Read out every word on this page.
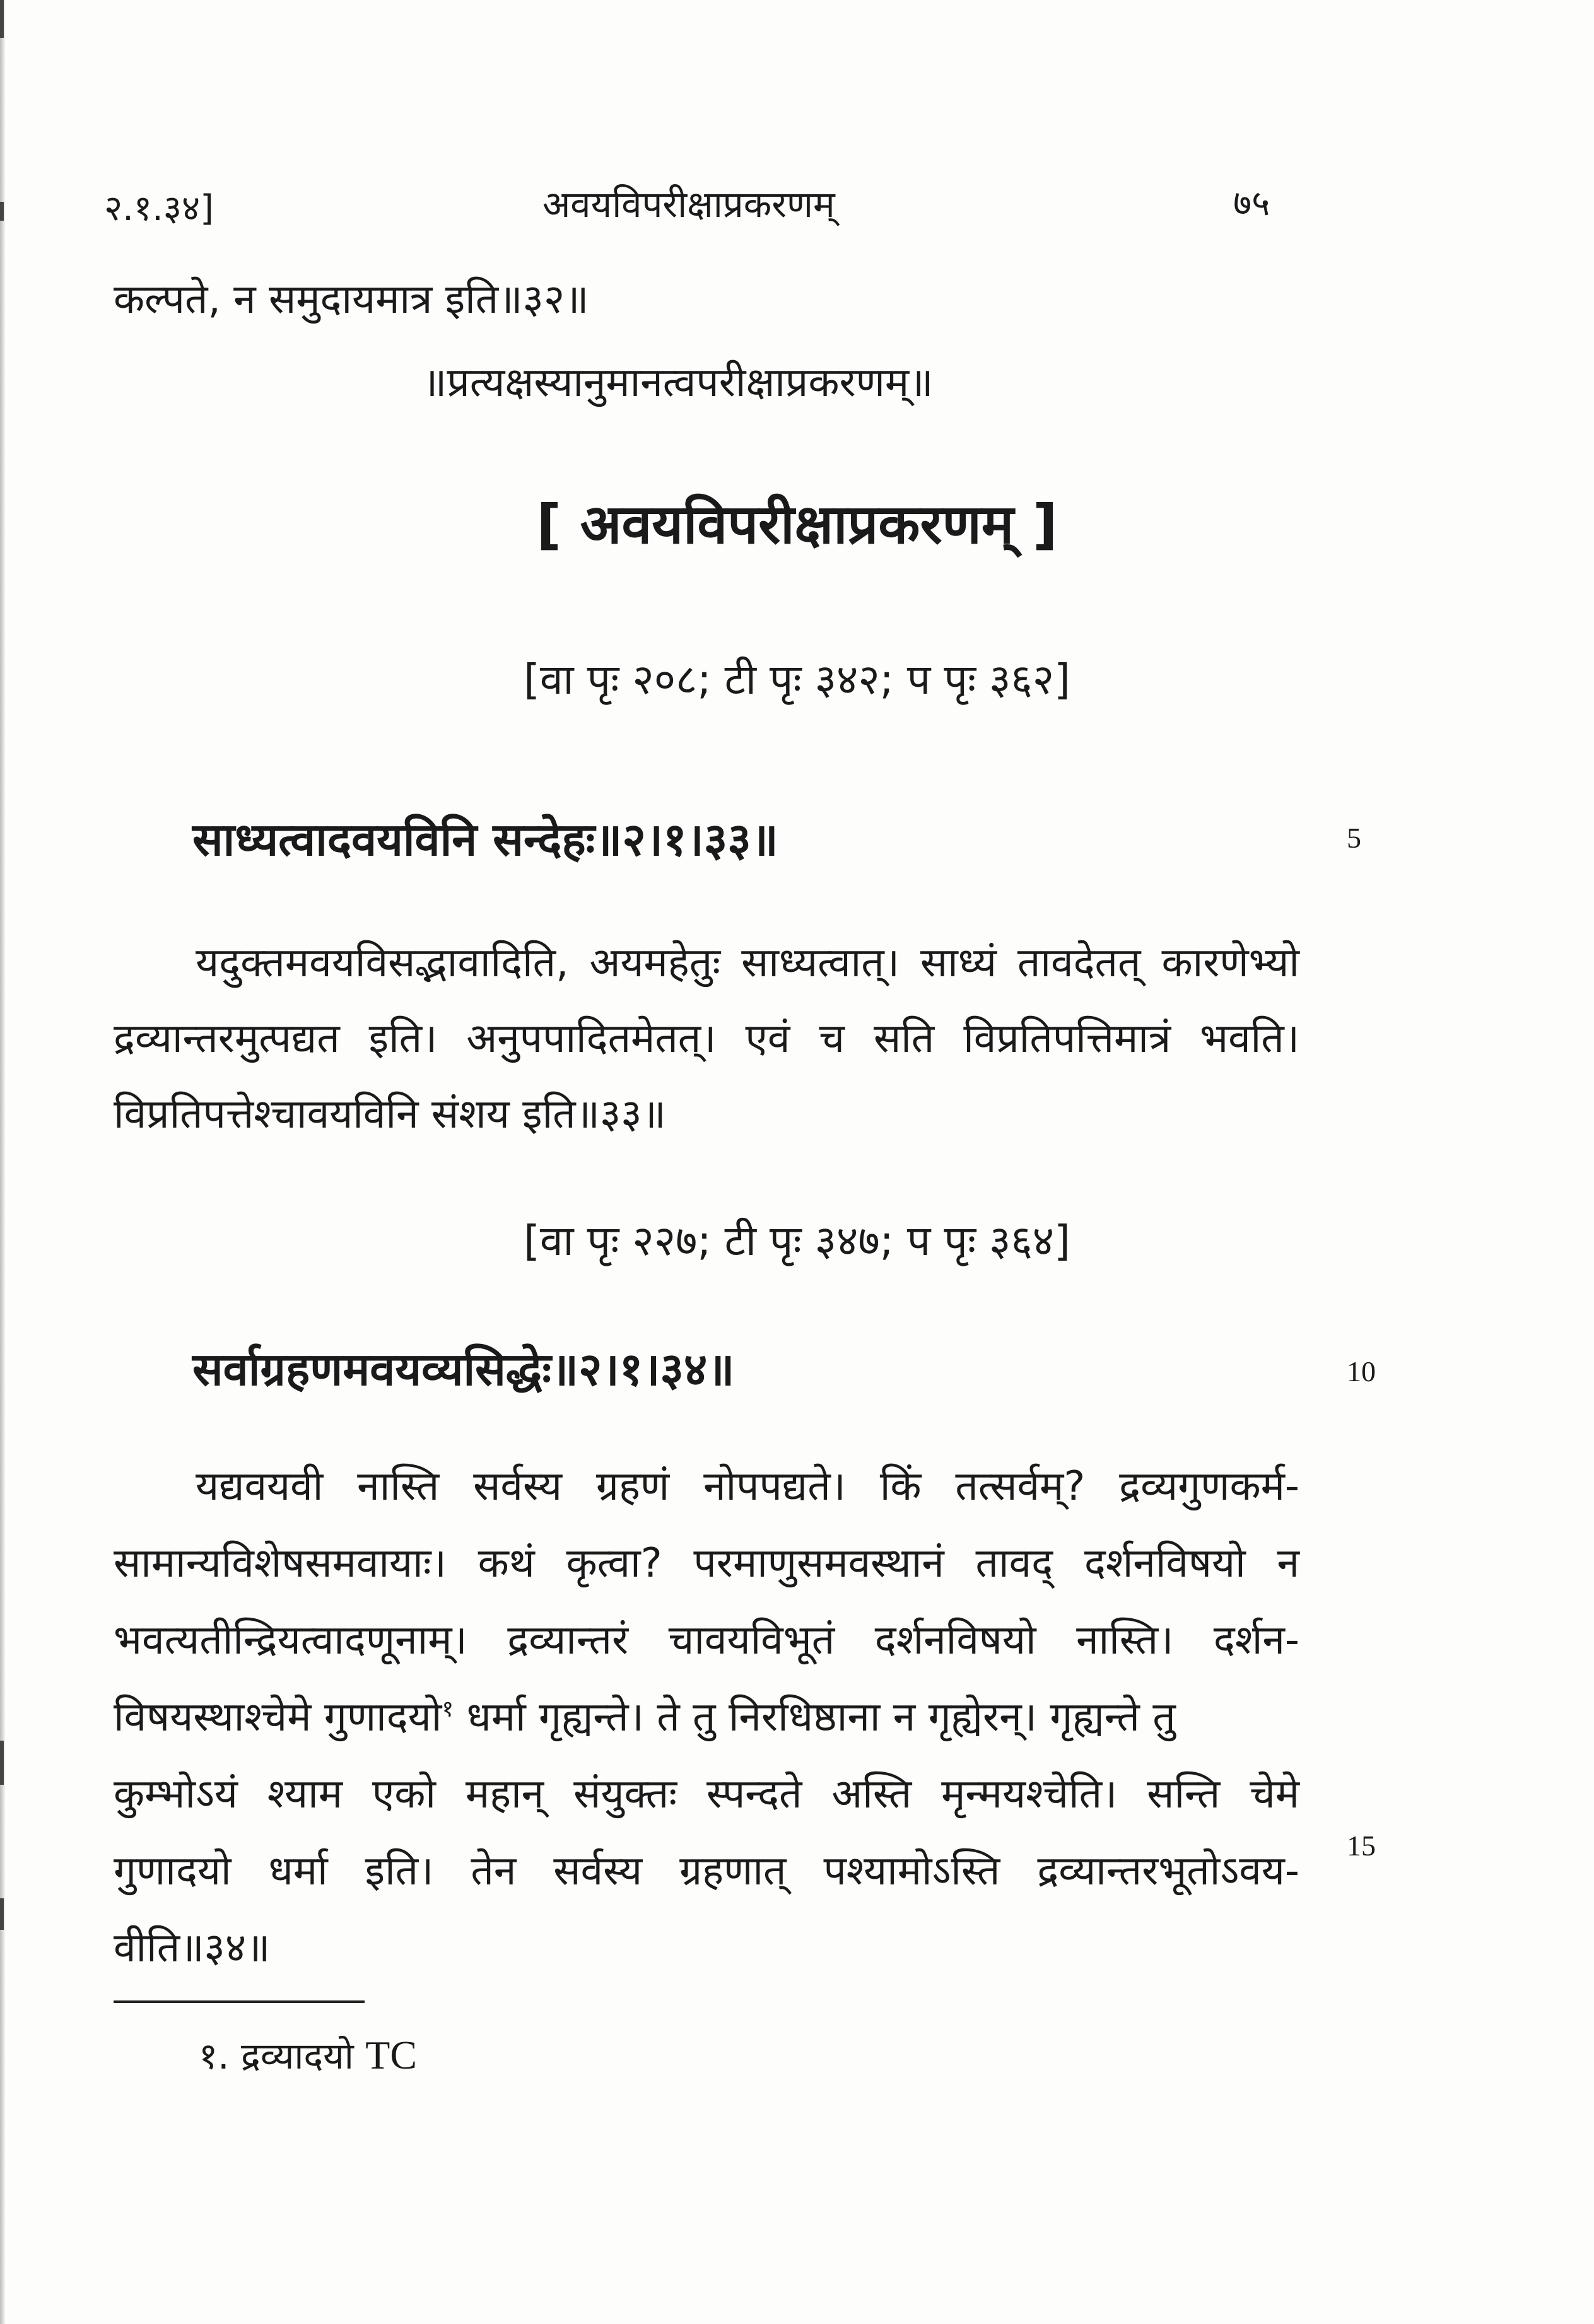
२.१.३४]	अवयविपरीक्षाप्रकरणम्	७५
कल्पते, न समुदायमात्र इति॥३२॥
॥प्रत्यक्षस्यानुमानत्वपरीक्षाप्रकरणम्॥
[ अवयविपरीक्षाप्रकरणम् ]
[वा पृः २०८; टी पृः ३४२; प पृः ३६२]
साध्यत्वादवयविनि सन्देहः॥२।१।३३॥	5
यदुक्तमवयविसद्भावादिति, अयमहेतुः साध्यत्वात्। साध्यं तावदेतत् कारणेभ्यो
द्रव्यान्तरमुत्पद्यत इति। अनुपपादितमेतत्। एवं च सति विप्रतिपत्तिमात्रं भवति।
विप्रतिपत्तेश्चावयविनि संशय इति॥३३॥
[वा पृः २२७; टी पृः ३४७; प पृः ३६४]
सर्वाग्रहणमवयव्यसिद्धेः॥२।१।३४॥	10
यद्यवयवी नास्ति सर्वस्य ग्रहणं नोपपद्यते। किं तत्सर्वम्? द्रव्यगुणकर्म-
सामान्यविशेषसमवायाः। कथं कृत्वा? परमाणुसमवस्थानं तावद् दर्शनविषयो न
भवत्यतीन्द्रियत्वादणूनाम्। द्रव्यान्तरं चावयविभूतं दर्शनविषयो नास्ति। दर्शन-
विषयस्थाश्चेमे गुणादयो$^१$ धर्मा गृह्यन्ते। ते तु निरधिष्ठाना न गृह्येरन्। गृह्यन्ते तु
कुम्भोऽयं श्याम एको महान् संयुक्तः स्पन्दते अस्ति मृन्मयश्चेति। सन्ति चेमे
15
गुणादयो धर्मा इति। तेन सर्वस्य ग्रहणात् पश्यामोऽस्ति द्रव्यान्तरभूतोऽवय-
वीति॥३४॥
१. द्रव्यादयो TC
